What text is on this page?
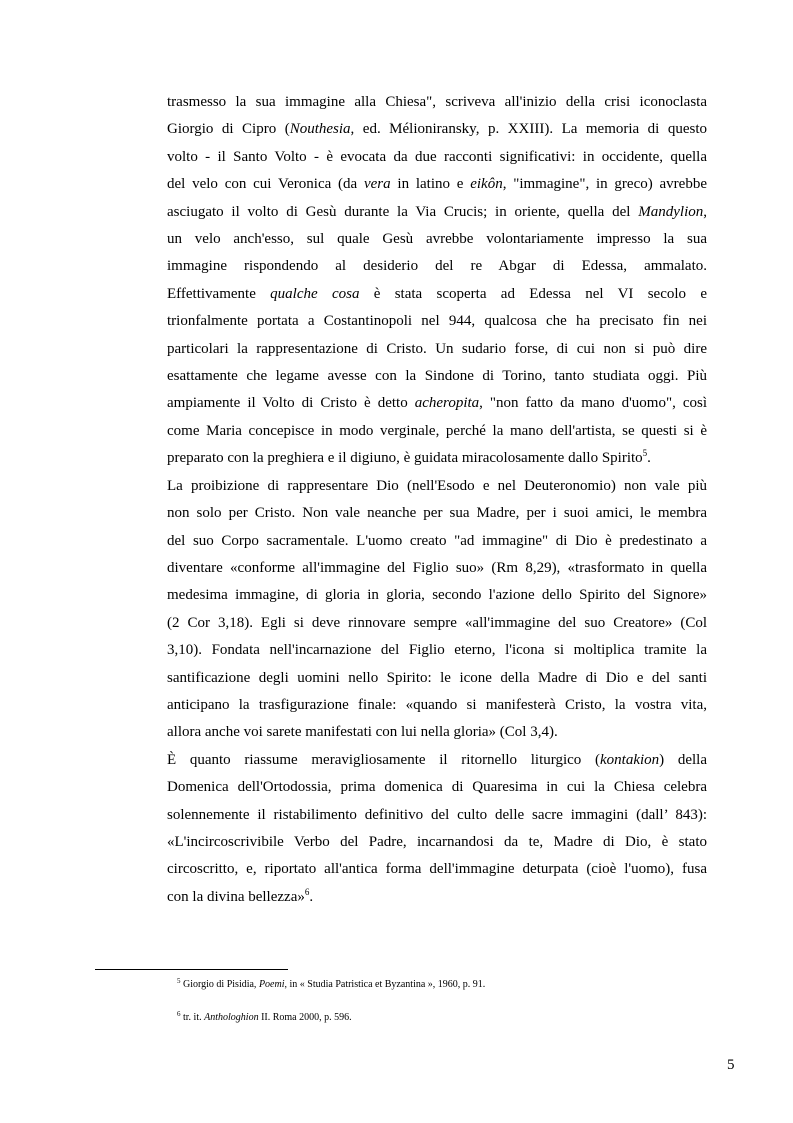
trasmesso la sua immagine alla Chiesa", scriveva all'inizio della crisi iconoclasta
Giorgio di Cipro (Nouthesia, ed. Mélioniransky, p. XXIII). La memoria di questo
volto - il Santo Volto - è evocata da due racconti significativi: in occidente, quella
del velo con cui Veronica (da vera in latino e eikôn, "immagine", in greco) avrebbe
asciugato il volto di Gesù durante la Via Crucis; in oriente, quella del Mandylion,
un velo anch'esso, sul quale Gesù avrebbe volontariamente impresso la sua
immagine rispondendo al desiderio del re Abgar di Edessa, ammalato.
Effettivamente qualche cosa è stata scoperta ad Edessa nel VI secolo e
trionfalmente portata a Costantinopoli nel 944, qualcosa che ha precisato fin nei
particolari la rappresentazione di Cristo. Un sudario forse, di cui non si può dire
esattamente che legame avesse con la Sindone di Torino, tanto studiata oggi. Più
ampiamente il Volto di Cristo è detto acheropita, "non fatto da mano d'uomo", così
come Maria concepisce in modo verginale, perché la mano dell'artista, se questi si è
preparato con la preghiera e il digiuno, è guidata miracolosamente dallo Spirito$^5$.

La proibizione di rappresentare Dio (nell'Esodo e nel Deuteronomio) non vale più
non solo per Cristo. Non vale neanche per sua Madre, per i suoi amici, le membra
del suo Corpo sacramentale. L'uomo creato "ad immagine" di Dio è predestinato a
diventare «conforme all'immagine del Figlio suo» (Rm 8,29), «trasformato in quella
medesima immagine, di gloria in gloria, secondo l'azione dello Spirito del Signore»
(2 Cor 3,18). Egli si deve rinnovare sempre «all'immagine del suo Creatore» (Col
3,10). Fondata nell'incarnazione del Figlio eterno, l'icona si moltiplica tramite la
santificazione degli uomini nello Spirito: le icone della Madre di Dio e del santi
anticipano la trasfigurazione finale: «quando si manifesterà Cristo, la vostra vita,
allora anche voi sarete manifestati con lui nella gloria» (Col 3,4).

È quanto riassume meravigliosamente il ritornello liturgico (kontakion) della
Domenica dell'Ortodossia, prima domenica di Quaresima in cui la Chiesa celebra
solennemente il ristabilimento definitivo del culto delle sacre immagini (dall’ 843):
«L'incircoscrivibile Verbo del Padre, incarnandosi da te, Madre di Dio, è stato
circoscritto, e, riportato all'antica forma dell'immagine deturpata (cioè l'uomo), fusa
con la divina bellezza»$^6$.

$^5$ Giorgio di Pisidia, Poemi, in « Studia Patristica et Byzantina », 1960, p. 91.
$^6$ tr. it. Anthologhion II. Roma 2000, p. 596.
5
